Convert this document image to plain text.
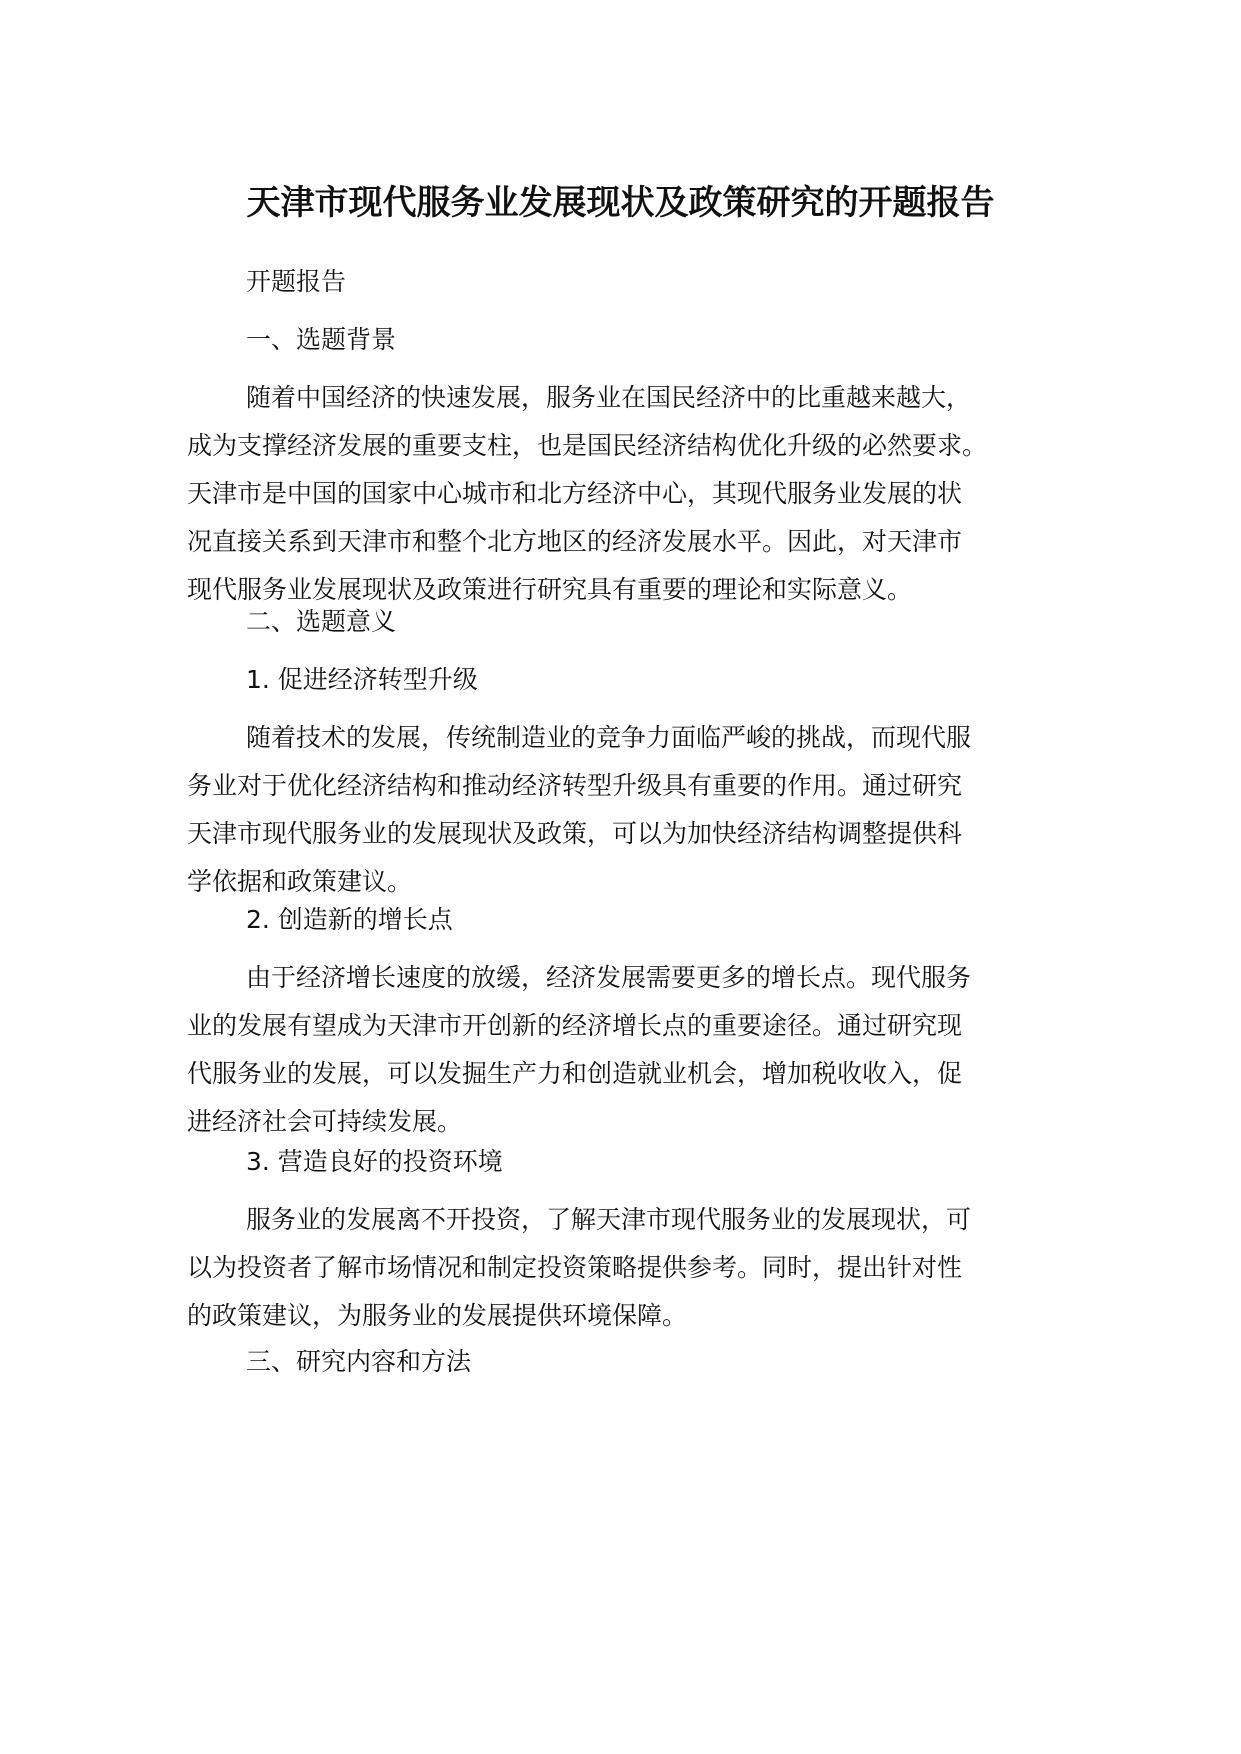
天津市现代服务业发展现状及政策研究的开题报告
开题报告
一、选题背景
随着中国经济的快速发展，服务业在国民经济中的比重越来越大，
成为支撑经济发展的重要支柱，也是国民经济结构优化升级的必然要求。
天津市是中国的国家中心城市和北方经济中心，其现代服务业发展的状
况直接关系到天津市和整个北方地区的经济发展水平。因此，对天津市
现代服务业发展现状及政策进行研究具有重要的理论和实际意义。
二、选题意义
1. 促进经济转型升级
随着技术的发展，传统制造业的竞争力面临严峻的挑战，而现代服
务业对于优化经济结构和推动经济转型升级具有重要的作用。通过研究
天津市现代服务业的发展现状及政策，可以为加快经济结构调整提供科
学依据和政策建议。
2. 创造新的增长点
由于经济增长速度的放缓，经济发展需要更多的增长点。现代服务
业的发展有望成为天津市开创新的经济增长点的重要途径。通过研究现
代服务业的发展，可以发掘生产力和创造就业机会，增加税收收入，促
进经济社会可持续发展。
3. 营造良好的投资环境
服务业的发展离不开投资，了解天津市现代服务业的发展现状，可
以为投资者了解市场情况和制定投资策略提供参考。同时，提出针对性
的政策建议，为服务业的发展提供环境保障。
三、研究内容和方法
